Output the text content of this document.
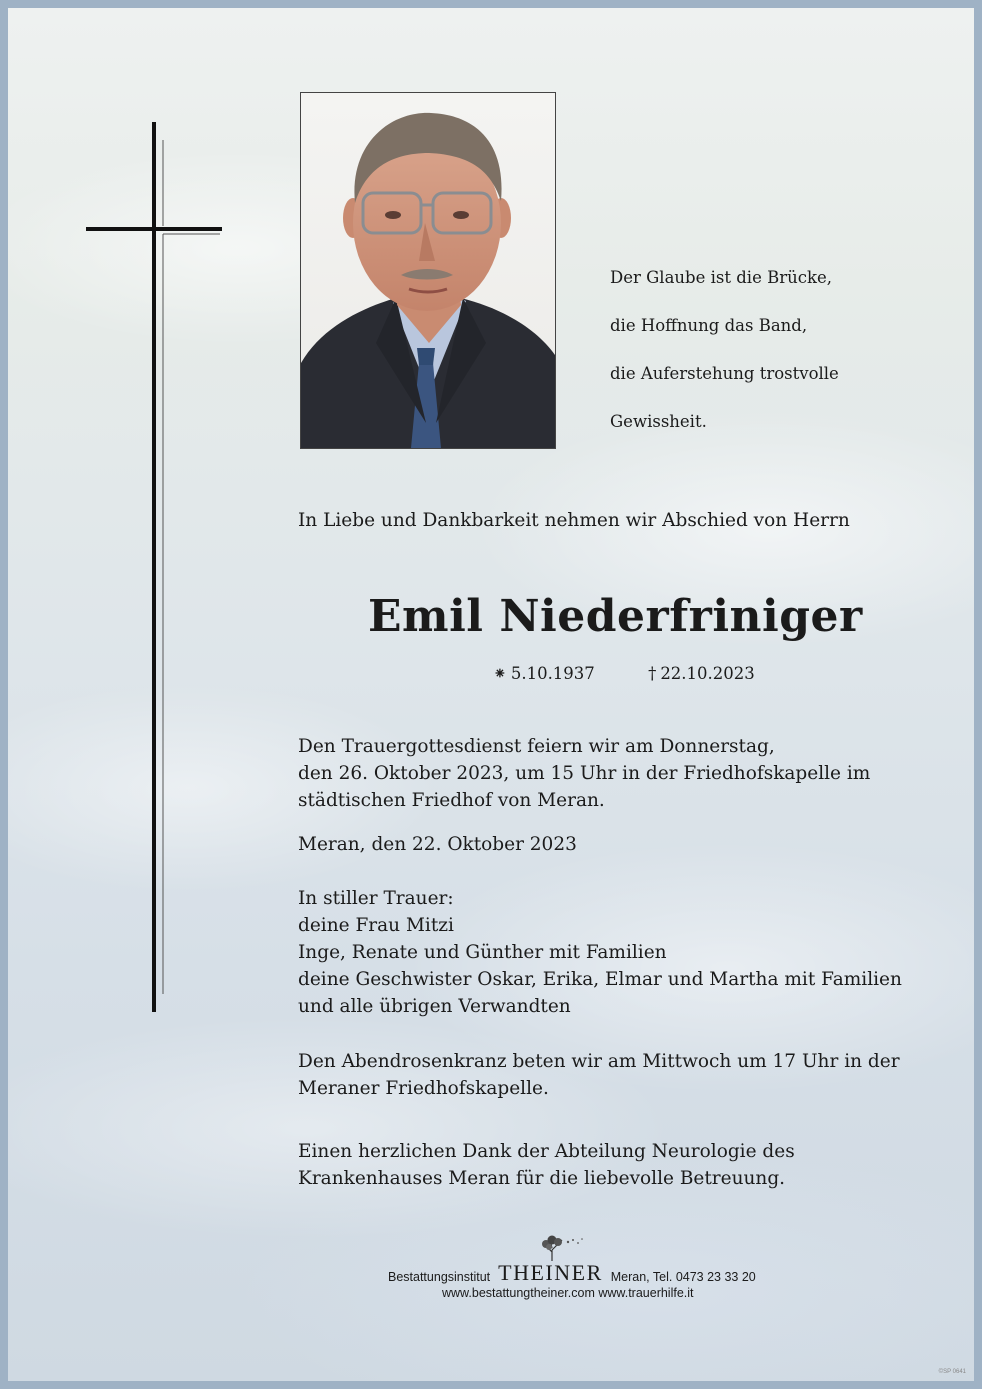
Der Glaube ist die Brücke,

die Hoffnung das Band,

die Auferstehung trostvolle

Gewissheit.

In Liebe und Dankbarkeit nehmen wir Abschied von Herrn
Emil Niederfriniger
⁕ 5.10.1937	† 22.10.2023
Den Trauergottesdienst feiern wir am Donnerstag,
den 26. Oktober 2023, um 15 Uhr in der Friedhofskapelle im
städtischen Friedhof von Meran.
Meran, den 22. Oktober 2023
In stiller Trauer:
deine Frau Mitzi
Inge, Renate und Günther mit Familien
deine Geschwister Oskar, Erika, Elmar und Martha mit Familien
und alle übrigen Verwandten
Den Abendrosenkranz beten wir am Mittwoch um 17 Uhr in der
Meraner Friedhofskapelle.
Einen herzlichen Dank der Abteilung Neurologie des
Krankenhauses Meran für die liebevolle Betreuung.
Bestattungsinstitut THEINER Meran, Tel. 0473 23 33 20
www.bestattungtheiner.com www.trauerhilfe.it
©SP 0641
